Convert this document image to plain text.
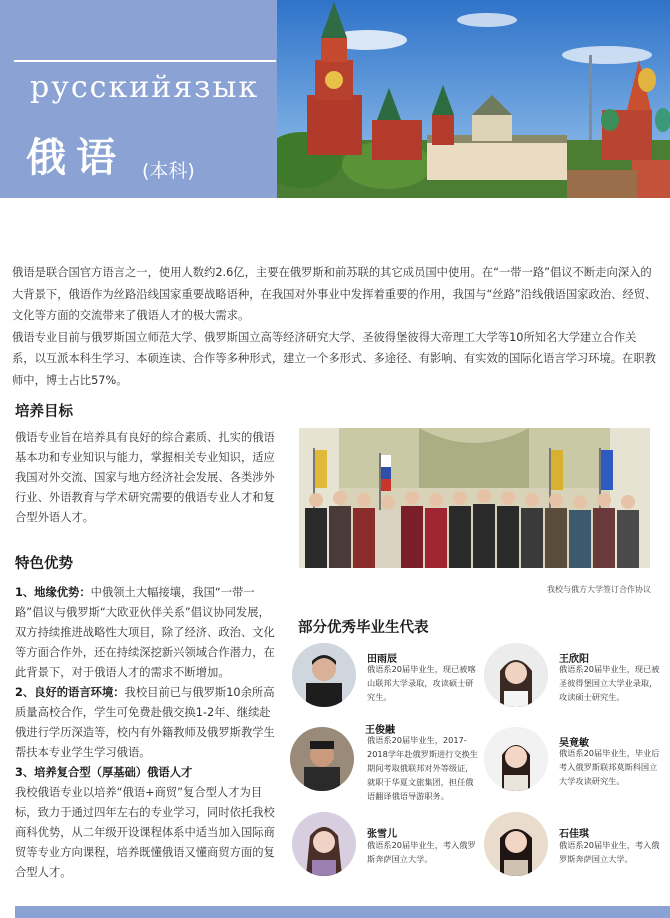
русскийязык
俄语 (本科)

俄语是联合国官方语言之一，使用人数约2.6亿，主要在俄罗斯和前苏联的其它成员国中使用。在“一带一路”倡议不断走向深入的大背景下，俄语作为丝路沿线国家重要战略语种，在我国对外事业中发挥着重要的作用，我国与“丝路”沿线俄语国家政治、经贸、文化等方面的交流带来了俄语人才的极大需求。

俄语专业目前与俄罗斯国立师范大学、俄罗斯国立高等经济研究大学、圣彼得堡彼得大帝理工大学等10所知名大学建立合作关系，以互派本科生学习、本硕连读、合作等多种形式，建立一个多形式、多途径、有影响、有实效的国际化语言学习环境。在职教师中，博士占比57%。

培养目标
俄语专业旨在培养具有良好的综合素质、扎实的俄语基本功和专业知识与能力，掌握相关专业知识，适应我国对外交流、国家与地方经济社会发展、各类涉外行业、外语教育与学术研究需要的俄语专业人才和复合型外语人才。
我校与俄方大学签订合作协议
特色优势

1、地缘优势：中俄领土大幅接壤，我国“一带一路”倡议与俄罗斯“大欧亚伙伴关系”倡议协同发展，双方持续推进战略性大项目，除了经济、政治、文化等方面合作外，还在持续深挖新兴领域合作潜力，在此背景下，对于俄语人才的需求不断增加。

2、良好的语言环境：我校目前已与俄罗斯10余所高质量高校合作，学生可免费赴俄交换1-2年、继续赴俄进行学历深造等，校内有外籍教师及俄罗斯教学生帮扶本专业学生学习俄语。

3、培养复合型（厚基础）俄语人才
我校俄语专业以培养“俄语+商贸”复合型人才为目标，致力于通过四年左右的专业学习，同时依托我校商科优势，从二年级开设课程体系中适当加入国际商贸等专业方向课程，培养既懂俄语又懂商贸方面的复合型人才。

部分优秀毕业生代表
田雨辰
俄语系20届毕业生，现已被喀山联邦大学录取，攻读硕士研究生。
王欣阳
俄语系20届毕业生，现已被圣彼得堡国立大学业录取，攻读硕士研究生。
王俊融
俄语系20届毕业生，2017-2018学年赴俄罗斯进行交换生期间考取俄联邦对外等级证，就职于华夏文旅集团，担任俄语翻译俄语导游职务。
吴竟敏
俄语系20届毕业生，毕业后考入俄罗斯联邦莫斯科国立大学攻读研究生。
张雪儿
俄语系20届毕业生，考入俄罗斯奔萨国立大学。
石佳琪
俄语系20届毕业生，考入俄罗斯奔萨国立大学。
